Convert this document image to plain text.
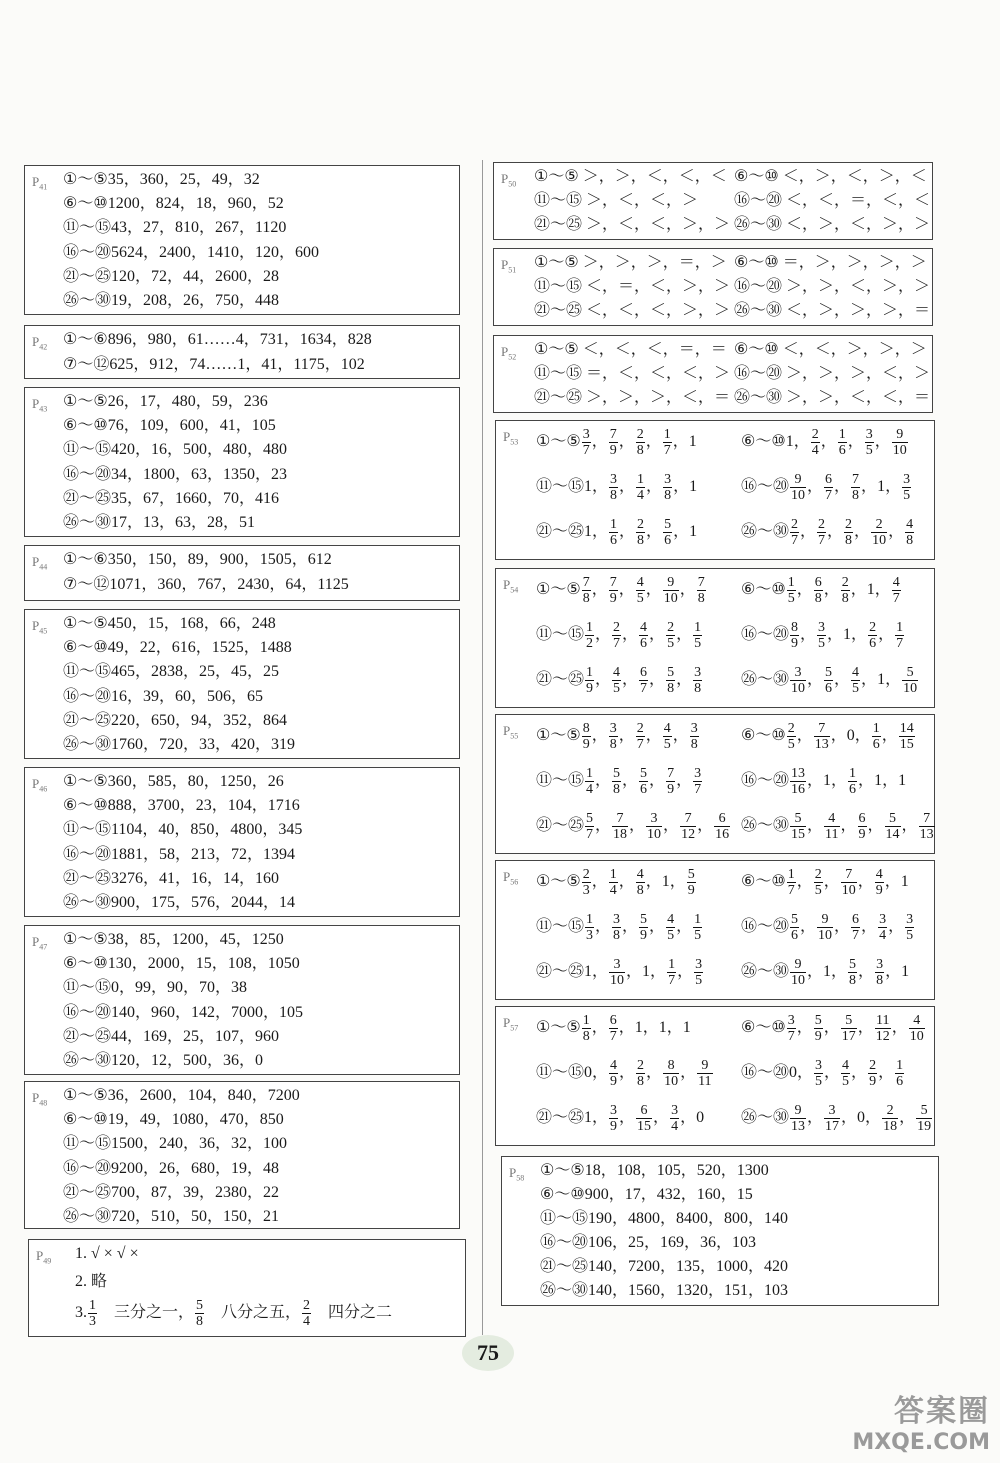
$P_{41}$ ①～⑤35，360，25，49，32
⑥～⑩1200，824，18，960，52
⑪～⑮43，27，810，267，1120
⑯～⑳5624，2400，1410，120，600
㉑～㉕120，72，44，2600，28
㉖～㉚19，208，26，750，448
$P_{42}$ ①～⑥896，980，61……4，731，1634，828
⑦～⑫625，912，74……1，41，1175，102
$P_{43}$ ①～⑤26，17，480，59，236
⑥～⑩76，109，600，41，105
⑪～⑮420，16，500，480，480
⑯～⑳34，1800，63，1350，23
㉑～㉕35，67，1660，70，416
㉖～㉚17，13，63，28，51
$P_{44}$ ①～⑥350，150，89，900，1505，612
⑦～⑫1071，360，767，2430，64，1125
$P_{45}$ ①～⑤450，15，168，66，248
⑥～⑩49，22，616，1525，1488
⑪～⑮465，2838，25，45，25
⑯～⑳16，39，60，506，65
㉑～㉕220，650，94，352，864
㉖～㉚1760，720，33，420，319
$P_{46}$ ①～⑤360，585，80，1250，26
⑥～⑩888，3700，23，104，1716
⑪～⑮1104，40，850，4800，345
⑯～⑳1881，58，213，72，1394
㉑～㉕3276，41，16，14，160
㉖～㉚900，175，576，2044，14
$P_{47}$ ①～⑤38，85，1200，45，1250
⑥～⑩130，2000，15，108，1050
⑪～⑮0，99，90，70，38
⑯～⑳140，960，142，7000，105
㉑～㉕44，169，25，107，960
㉖～㉚120，12，500，36，0
$P_{48}$ ①～⑤36，2600，104，840，7200
⑥～⑩19，49，1080，470，850
⑪～⑮1500，240，36，32，100
⑯～⑳9200，26，680，19，48
㉑～㉕700，87，39，2380，22
㉖～㉚720，510，50，150，21
$P_{49}$ 1. √ × √ ×
2. 略
3. $\frac{1}{3}$ 　三分之一， $\frac{5}{8}$ 　八分之五， $\frac{2}{4}$ 　四分之二
$P_{50}$ ①～⑤ ＞，＞，＜，＜，＜ ⑥～⑩ ＜，＞，＜，＞，＜
⑪～⑮ ＞，＜，＜，＞ ⑯～⑳ ＜，＜，＝，＜，＜
㉑～㉕ ＞，＜，＜，＞，＞ ㉖～㉚ ＜，＞，＜，＞，＞
$P_{51}$ ①～⑤ ＞，＞，＞，＝，＞ ⑥～⑩ ＝，＞，＞，＞，＞
⑪～⑮ ＜，＝，＜，＞，＞ ⑯～⑳ ＞，＞，＜，＞，＞
㉑～㉕ ＜，＜，＜，＞，＞ ㉖～㉚ ＜，＞，＞，＞，＝
$P_{52}$ ①～⑤ ＜，＜，＜，＝，＝ ⑥～⑩ ＜，＜，＞，＞，＞
⑪～⑮ ＝，＜，＜，＜，＞ ⑯～⑳ ＞，＞，＞，＜，＞
㉑～㉕ ＞，＞，＞，＜，＝ ㉖～㉚ ＞，＞，＜，＜，＝
$P_{53}$ ①～⑤ $\frac{3}{7}$ ， $\frac{7}{9}$ ， $\frac{2}{8}$ ， $\frac{1}{7}$ ，1	⑥～⑩1， $\frac{2}{4}$ ， $\frac{1}{6}$ ， $\frac{3}{5}$ ， $\frac{9}{10}$
⑪～⑮1， $\frac{3}{8}$ ， $\frac{1}{4}$ ， $\frac{3}{8}$ ，1	⑯～⑳ $\frac{9}{10}$ ， $\frac{6}{7}$ ， $\frac{7}{8}$ ，1， $\frac{3}{5}$
㉑～㉕1， $\frac{1}{6}$ ， $\frac{2}{8}$ ， $\frac{5}{6}$ ，1	㉖～㉚ $\frac{2}{7}$ ， $\frac{2}{7}$ ， $\frac{2}{8}$ ， $\frac{2}{10}$ ， $\frac{4}{8}$
$P_{54}$ ①～⑤ $\frac{7}{8}$ ， $\frac{7}{9}$ ， $\frac{4}{5}$ ， $\frac{9}{10}$ ， $\frac{7}{8}$ ⑥～⑩ $\frac{1}{5}$ ， $\frac{6}{8}$ ， $\frac{2}{8}$ ，1， $\frac{4}{7}$
⑪～⑮ $\frac{1}{2}$ ， $\frac{2}{7}$ ， $\frac{4}{6}$ ， $\frac{2}{5}$ ， $\frac{1}{5}$ ⑯～⑳ $\frac{8}{9}$ ， $\frac{3}{5}$ ，1， $\frac{2}{6}$ ， $\frac{1}{7}$
㉑～㉕ $\frac{1}{9}$ ， $\frac{4}{5}$ ， $\frac{6}{7}$ ， $\frac{5}{8}$ ， $\frac{3}{8}$ ㉖～㉚ $\frac{3}{10}$ ， $\frac{5}{6}$ ， $\frac{4}{5}$ ，1， $\frac{5}{10}$
$P_{55}$ ①～⑤ $\frac{8}{9}$ ， $\frac{3}{8}$ ， $\frac{2}{7}$ ， $\frac{4}{5}$ ， $\frac{3}{8}$	⑥～⑩ $\frac{2}{5}$ ， $\frac{7}{13}$ ，0， $\frac{1}{6}$ ， $\frac{14}{15}$
⑪～⑮ $\frac{1}{4}$ ， $\frac{5}{8}$ ， $\frac{5}{6}$ ， $\frac{7}{9}$ ， $\frac{3}{7}$ ⑯～⑳ $\frac{13}{16}$ ，1， $\frac{1}{6}$ ，1，1
㉑～㉕ $\frac{5}{7}$ ， $\frac{7}{18}$ ， $\frac{3}{10}$ ， $\frac{7}{12}$ ， $\frac{6}{16}$ ㉖～㉚ $\frac{5}{15}$ ， $\frac{4}{11}$ ， $\frac{6}{9}$ ， $\frac{5}{14}$ ， $\frac{7}{13}$
$P_{56}$ ①～⑤ $\frac{2}{3}$ ， $\frac{1}{4}$ ， $\frac{4}{8}$ ，1， $\frac{5}{9}$	⑥～⑩ $\frac{1}{7}$ ， $\frac{2}{5}$ ， $\frac{7}{10}$ ， $\frac{4}{9}$ ，1
⑪～⑮ $\frac{1}{3}$ ， $\frac{3}{8}$ ， $\frac{5}{9}$ ， $\frac{4}{5}$ ， $\frac{1}{5}$ ⑯～⑳ $\frac{5}{6}$ ， $\frac{9}{10}$ ， $\frac{6}{7}$ ， $\frac{3}{4}$ ， $\frac{3}{5}$
㉑～㉕1， $\frac{3}{10}$ ，1， $\frac{1}{7}$ ， $\frac{3}{5}$ ㉖～㉚ $\frac{9}{10}$ ，1， $\frac{5}{8}$ ， $\frac{3}{8}$ ，1
$P_{57}$ ①～⑤ $\frac{1}{8}$ ， $\frac{6}{7}$ ，1，1，1	⑥～⑩ $\frac{3}{7}$ ， $\frac{5}{9}$ ， $\frac{5}{17}$ ， $\frac{11}{12}$ ， $\frac{4}{10}$
⑪～⑮0， $\frac{4}{9}$ ， $\frac{2}{8}$ ， $\frac{8}{10}$ ， $\frac{9}{11}$ ⑯～⑳0， $\frac{3}{5}$ ， $\frac{4}{5}$ ， $\frac{2}{9}$ ， $\frac{1}{6}$
㉑～㉕1， $\frac{3}{9}$ ， $\frac{6}{15}$ ， $\frac{3}{4}$ ，0 ㉖～㉚ $\frac{9}{13}$ ， $\frac{3}{17}$ ，0， $\frac{2}{18}$ ， $\frac{5}{19}$
$P_{58}$ ①～⑤18，108，105，520，1300
⑥～⑩900，17，432，160，15
⑪～⑮190，4800，8400，800，140
⑯～⑳106，25，169，36，103
㉑～㉕140，7200，135，1000，420
㉖～㉚140，1560，1320，151，103
75
答案圈
MXQE.COM
